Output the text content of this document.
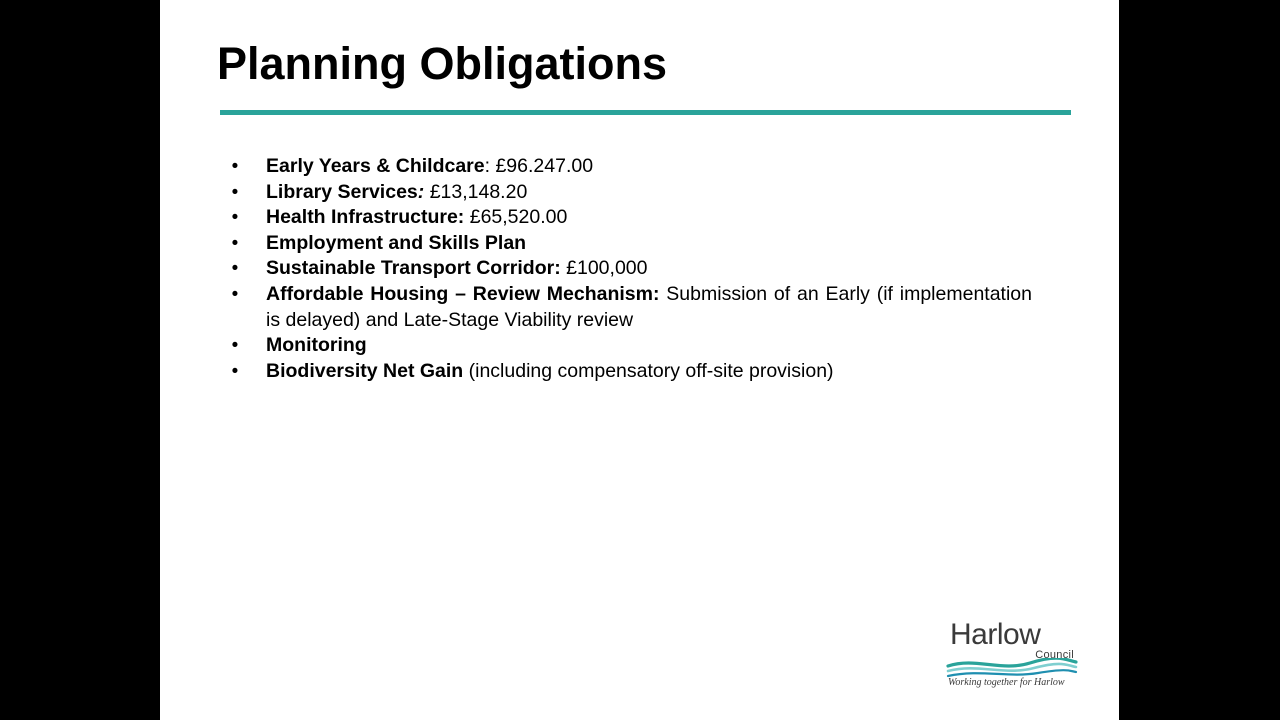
Planning Obligations
• Early Years & Childcare: £96.247.00
• Library Services: £13,148.20
• Health Infrastructure: £65,520.00
• Employment and Skills Plan
• Sustainable Transport Corridor: £100,000
• Affordable Housing – Review Mechanism: Submission of an Early (if implementation is delayed) and Late-Stage Viability review
• Monitoring
• Biodiversity Net Gain (including compensatory off-site provision)
Harlow
Council
Working together for Harlow
